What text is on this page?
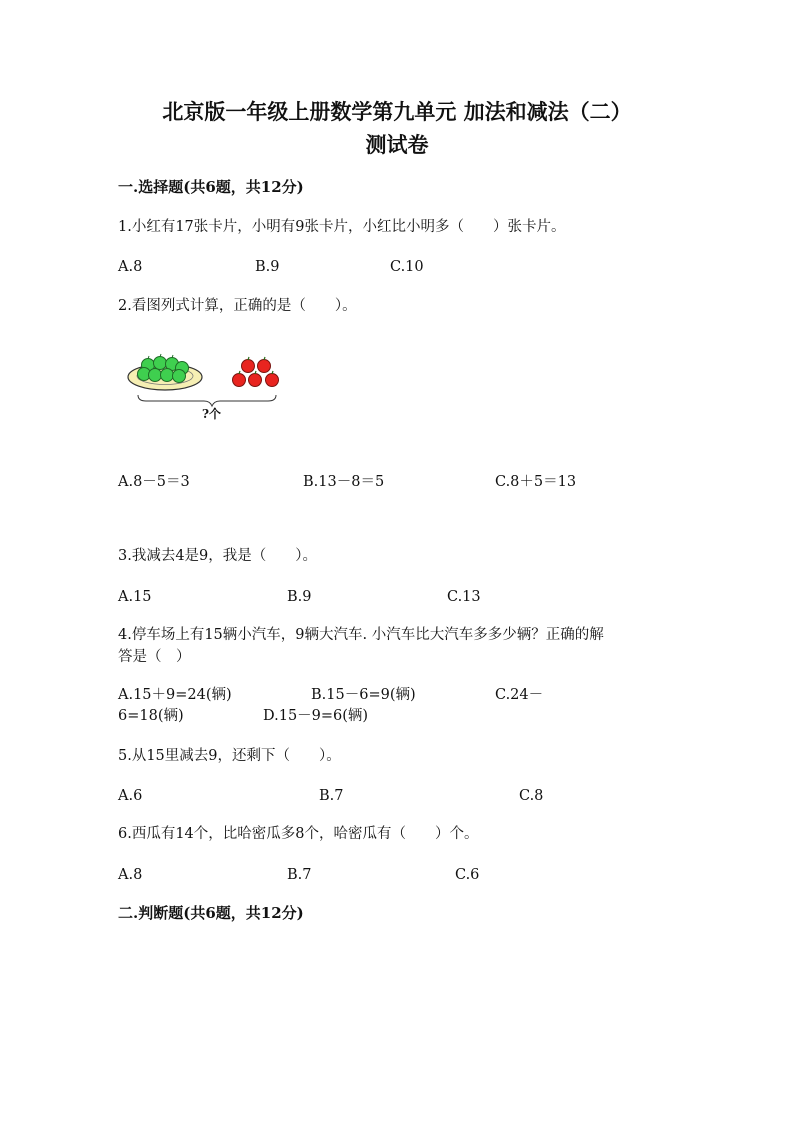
北京版一年级上册数学第九单元 加法和减法（二）
测试卷
一.选择题(共6题，共12分)
1.小红有17张卡片，小明有9张卡片，小红比小明多（　　）张卡片。
A.8	B.9	C.10
2.看图列式计算，正确的是（　　）。
?个
A.8－5＝3	B.13－8＝5	C.8＋5＝13
3.我减去4是9，我是（　　）。
A.15	B.9	C.13
4.停车场上有15辆小汽车，9辆大汽车. 小汽车比大汽车多多少辆？正确的解
答是（　）
A.15＋9=24(辆)	B.15－6=9(辆)	C.24－
6=18(辆)	D.15－9=6(辆)
5.从15里减去9，还剩下（　　）。
A.6	B.7	C.8
6.西瓜有14个，比哈密瓜多8个，哈密瓜有（　　）个。
A.8	B.7	C.6
二.判断题(共6题，共12分)
